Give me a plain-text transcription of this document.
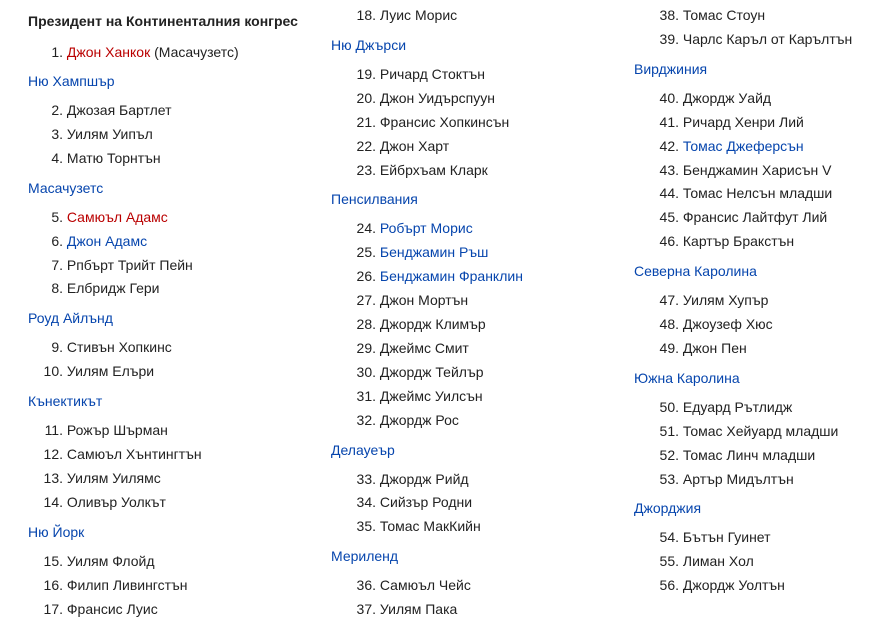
Президент на Континенталния конгрес
1. Джон Ханкок (Масачузетс)
Ню Хампшър
2. Джозая Бартлет
3. Уилям Уипъл
4. Матю Торнтън
Масачузетс
5. Самюъл Адамс
6. Джон Адамс
7. Рпбърт Трийт Пейн
8. Елбридж Гери
Роуд Айлънд
9. Стивън Хопкинс
10. Уилям Елъри
Кънектикът
11. Рожър Шърман
12. Самюъл Хънтингтън
13. Уилям Уилямс
14. Оливър Уолкът
Ню Йорк
15. Уилям Флойд
16. Филип Ливингстън
17. Франсис Луис
18. Луис Морис
Ню Джърси
19. Ричард Стоктън
20. Джон Уидърспуун
21. Франсис Хопкинсън
22. Джон Харт
23. Ейбрхъам Кларк
Пенсилвания
24. Робърт Морис
25. Бенджамин Ръш
26. Бенджамин Франклин
27. Джон Мортън
28. Джордж Климър
29. Джеймс Смит
30. Джордж Тейлър
31. Джеймс Уилсън
32. Джордж Рос
Делауеър
33. Джордж Рийд
34. Сийзър Родни
35. Томас МакКийн
Мериленд
36. Самюъл Чейс
37. Уилям Пака
38. Томас Стоун
39. Чарлс Каръл от Карълтън
Вирджиния
40. Джордж Уайд
41. Ричард Хенри Лий
42. Томас Джеферсън
43. Бенджамин Харисън V
44. Томас Нелсън младши
45. Франсис Лайтфут Лий
46. Картър Бракстън
Северна Каролина
47. Уилям Хупър
48. Джоузеф Хюс
49. Джон Пен
Южна Каролина
50. Едуард Рътлидж
51. Томас Хейуард младши
52. Томас Линч младши
53. Артър Мидълтън
Джорджия
54. Бътън Гуинет
55. Лиман Хол
56. Джордж Уолтън
